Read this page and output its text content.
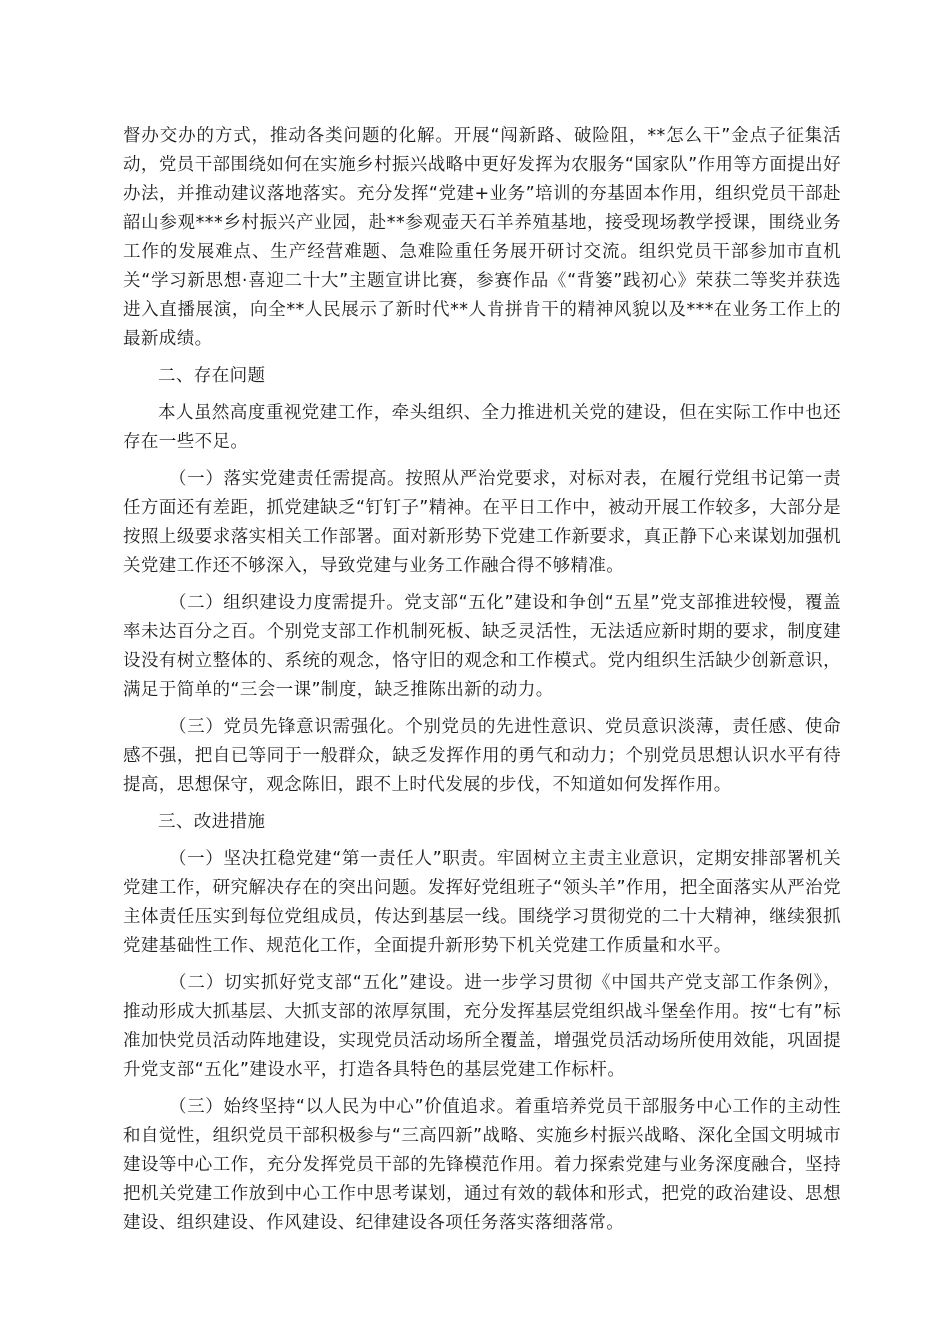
督办交办的方式，推动各类问题的化解。开展“闯新路、破险阻，**怎么干”金点子征集活动，党员干部围绕如何在实施乡村振兴战略中更好发挥为农服务“国家队”作用等方面提出好办法，并推动建议落地落实。充分发挥“党建+业务”培训的夯基固本作用，组织党员干部赴韶山参观***乡村振兴产业园，赴**参观壶天石羊养殖基地，接受现场教学授课，围绕业务工作的发展难点、生产经营难题、急难险重任务展开研讨交流。组织党员干部参加市直机关“学习新思想·喜迎二十大”主题宣讲比赛，参赛作品《“背篓”践初心》荣获二等奖并获选进入直播展演，向全**人民展示了新时代**人肯拼肯干的精神风貌以及***在业务工作上的最新成绩。

二、存在问题

本人虽然高度重视党建工作，牵头组织、全力推进机关党的建设，但在实际工作中也还存在一些不足。

（一）落实党建责任需提高。按照从严治党要求，对标对表，在履行党组书记第一责任方面还有差距，抓党建缺乏“钉钉子”精神。在平日工作中，被动开展工作较多，大部分是按照上级要求落实相关工作部署。面对新形势下党建工作新要求，真正静下心来谋划加强机关党建工作还不够深入，导致党建与业务工作融合得不够精准。

（二）组织建设力度需提升。党支部“五化”建设和争创“五星”党支部推进较慢，覆盖率未达百分之百。个别党支部工作机制死板、缺乏灵活性，无法适应新时期的要求，制度建设没有树立整体的、系统的观念，恪守旧的观念和工作模式。党内组织生活缺少创新意识，满足于简单的“三会一课”制度，缺乏推陈出新的动力。

（三）党员先锋意识需强化。个别党员的先进性意识、党员意识淡薄，责任感、使命感不强，把自已等同于一般群众，缺乏发挥作用的勇气和动力；个别党员思想认识水平有待提高，思想保守，观念陈旧，跟不上时代发展的步伐，不知道如何发挥作用。

三、改进措施

（一）坚决扛稳党建“第一责任人”职责。牢固树立主责主业意识，定期安排部署机关党建工作，研究解决存在的突出问题。发挥好党组班子“领头羊”作用，把全面落实从严治党主体责任压实到每位党组成员，传达到基层一线。围绕学习贯彻党的二十大精神，继续狠抓党建基础性工作、规范化工作，全面提升新形势下机关党建工作质量和水平。

（二）切实抓好党支部“五化”建设。进一步学习贯彻《中国共产党支部工作条例》，推动形成大抓基层、大抓支部的浓厚氛围，充分发挥基层党组织战斗堡垒作用。按“七有”标准加快党员活动阵地建设，实现党员活动场所全覆盖，增强党员活动场所使用效能，巩固提升党支部“五化”建设水平，打造各具特色的基层党建工作标杆。

（三）始终坚持“以人民为中心”价值追求。着重培养党员干部服务中心工作的主动性和自觉性，组织党员干部积极参与“三高四新”战略、实施乡村振兴战略、深化全国文明城市建设等中心工作，充分发挥党员干部的先锋模范作用。着力探索党建与业务深度融合，坚持把机关党建工作放到中心工作中思考谋划，通过有效的载体和形式，把党的政治建设、思想建设、组织建设、作风建设、纪律建设各项任务落实落细落常。
